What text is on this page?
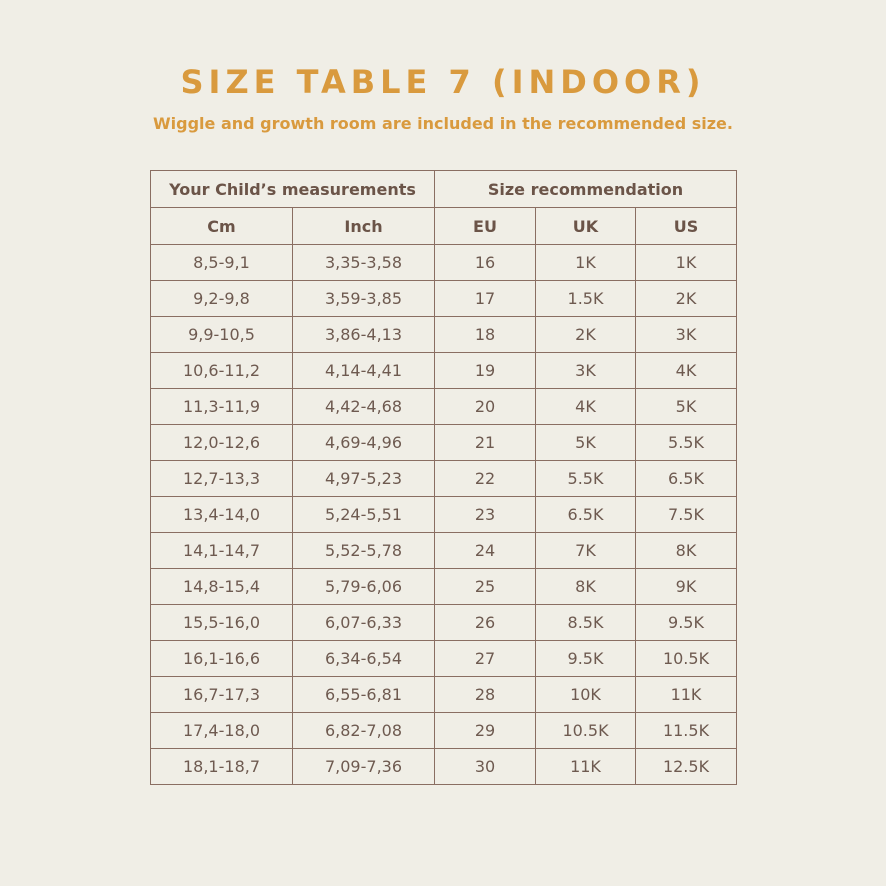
SIZE TABLE 7 (INDOOR)

Wiggle and growth room are included in the recommended size.

Your Child’s measurements		Size recommendation		
Cm	Inch	EU	UK	US
8,5-9,1	3,35-3,58	16	1K	1K
9,2-9,8	3,59-3,85	17	1.5K	2K
9,9-10,5	3,86-4,13	18	2K	3K
10,6-11,2	4,14-4,41	19	3K	4K
11,3-11,9	4,42-4,68	20	4K	5K
12,0-12,6	4,69-4,96	21	5K	5.5K
12,7-13,3	4,97-5,23	22	5.5K	6.5K
13,4-14,0	5,24-5,51	23	6.5K	7.5K
14,1-14,7	5,52-5,78	24	7K	8K
14,8-15,4	5,79-6,06	25	8K	9K
15,5-16,0	6,07-6,33	26	8.5K	9.5K
16,1-16,6	6,34-6,54	27	9.5K	10.5K
16,7-17,3	6,55-6,81	28	10K	11K
17,4-18,0	6,82-7,08	29	10.5K	11.5K
18,1-18,7	7,09-7,36	30	11K	12.5K
